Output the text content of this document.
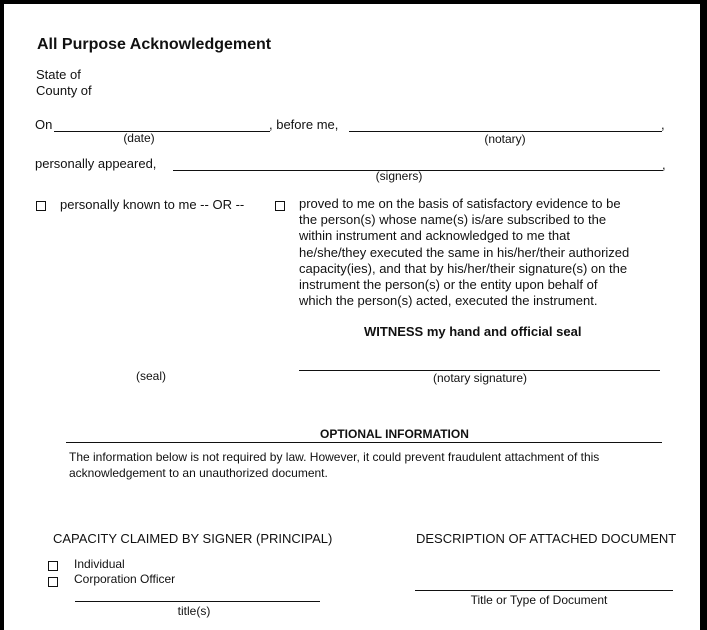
All Purpose Acknowledgement
State of
County of
On
(date)
, before me,
(notary)
,
personally appeared,
(signers)
,
personally known to me -- OR --	proved to me on the basis of satisfactory evidence to be
the person(s) whose name(s) is/are subscribed to the
within instrument and acknowledged to me that
he/she/they executed the same in his/her/their authorized
capacity(ies), and that by his/her/their signature(s) on the
instrument the person(s) or the entity upon behalf of
which the person(s) acted, executed the instrument.
WITNESS my hand and official seal
(seal)	(notary signature)
OPTIONAL INFORMATION
The information below is not required by law. However, it could prevent fraudulent attachment of this
acknowledgement to an unauthorized document.
CAPACITY CLAIMED BY SIGNER (PRINCIPAL)
Individual
Corporation Officer
title(s)
DESCRIPTION OF ATTACHED DOCUMENT
Title or Type of Document
